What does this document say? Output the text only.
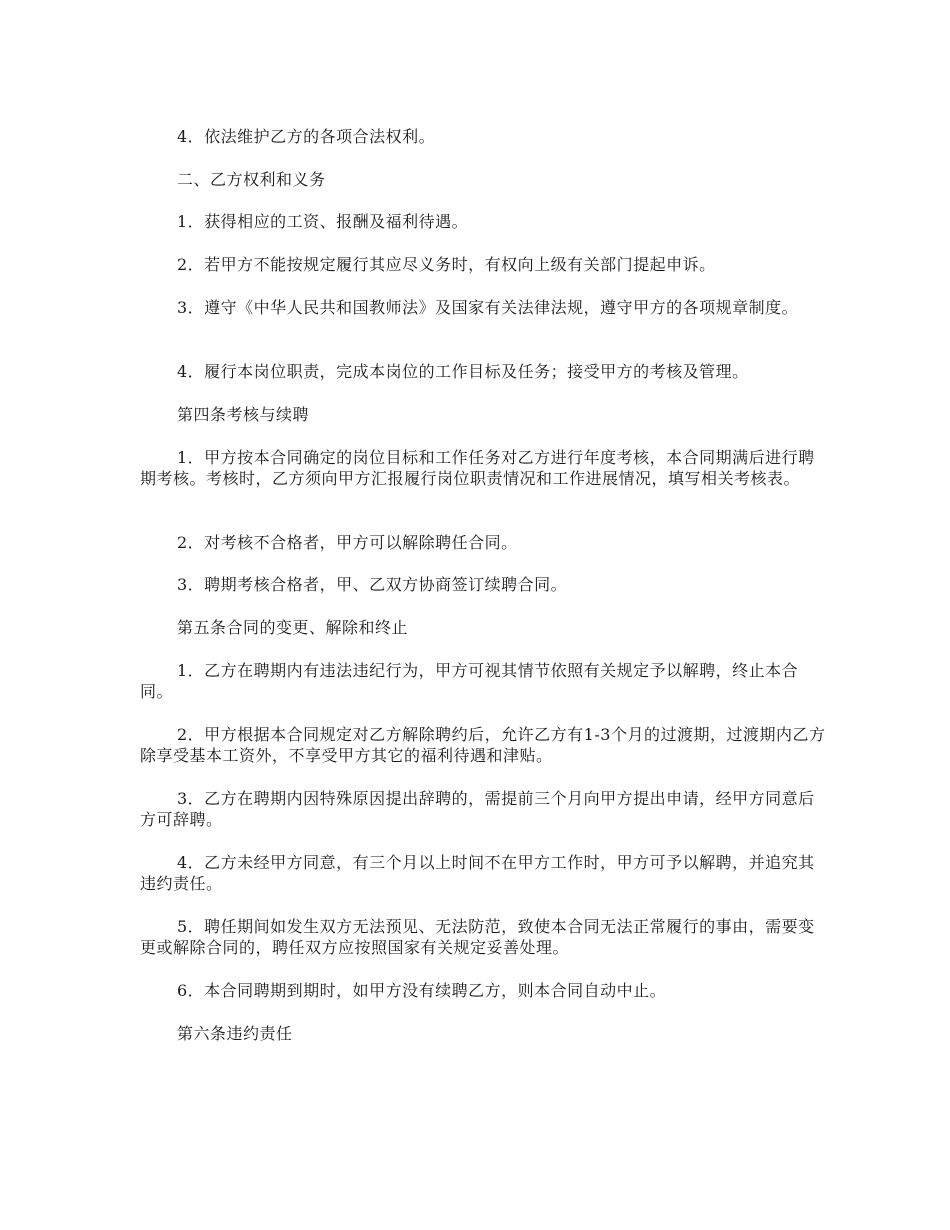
4．依法维护乙方的各项合法权利。

二、乙方权利和义务

1．获得相应的工资、报酬及福利待遇。

2．若甲方不能按规定履行其应尽义务时，有权向上级有关部门提起申诉。

3．遵守《中华人民共和国教师法》及国家有关法律法规，遵守甲方的各项规章制度。

4．履行本岗位职责，完成本岗位的工作目标及任务；接受甲方的考核及管理。

第四条考核与续聘

1．甲方按本合同确定的岗位目标和工作任务对乙方进行年度考核，本合同期满后进行聘期考核。考核时，乙方须向甲方汇报履行岗位职责情况和工作进展情况，填写相关考核表。

2．对考核不合格者，甲方可以解除聘任合同。

3．聘期考核合格者，甲、乙双方协商签订续聘合同。

第五条合同的变更、解除和终止

1．乙方在聘期内有违法违纪行为，甲方可视其情节依照有关规定予以解聘，终止本合同。

2．甲方根据本合同规定对乙方解除聘约后，允许乙方有1-3个月的过渡期，过渡期内乙方除享受基本工资外，不享受甲方其它的福利待遇和津贴。

3．乙方在聘期内因特殊原因提出辞聘的，需提前三个月向甲方提出申请，经甲方同意后方可辞聘。

4．乙方未经甲方同意，有三个月以上时间不在甲方工作时，甲方可予以解聘，并追究其违约责任。

5．聘任期间如发生双方无法预见、无法防范，致使本合同无法正常履行的事由，需要变更或解除合同的，聘任双方应按照国家有关规定妥善处理。

6．本合同聘期到期时，如甲方没有续聘乙方，则本合同自动中止。

第六条违约责任
